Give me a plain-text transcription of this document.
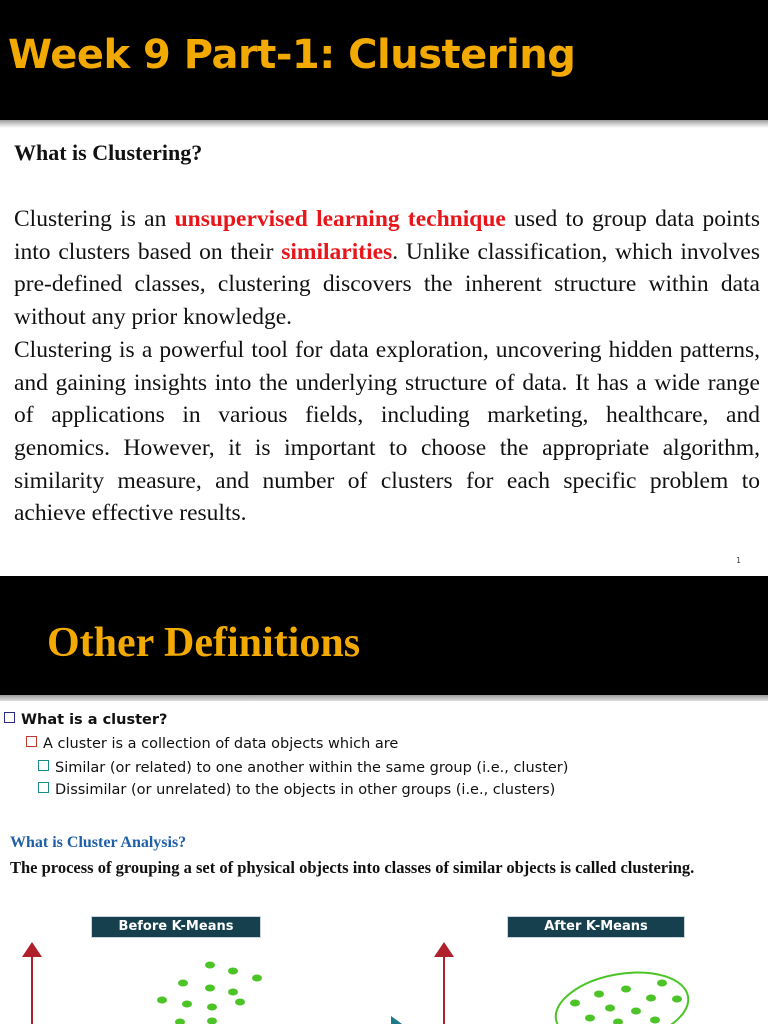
Week 9 Part-1: Clustering
What is Clustering?

Clustering is an unsupervised learning technique used to group data points into clusters based on their similarities. Unlike classification, which involves pre-defined classes, clustering discovers the inherent structure within data without any prior knowledge.

Clustering is a powerful tool for data exploration, uncovering hidden patterns, and gaining insights into the underlying structure of data. It has a wide range of applications in various fields, including marketing, healthcare, and genomics. However, it is important to choose the appropriate algorithm, similarity measure, and number of clusters for each specific problem to achieve effective results.

1
Other Definitions
What is a cluster?
A cluster is a collection of data objects which are
Similar (or related) to one another within the same group (i.e., cluster)
Dissimilar (or unrelated) to the objects in other groups (i.e., clusters)
What is Cluster Analysis?
The process of grouping a set of physical objects into classes of similar objects is called clustering.
Before K-Means	After K-Means
